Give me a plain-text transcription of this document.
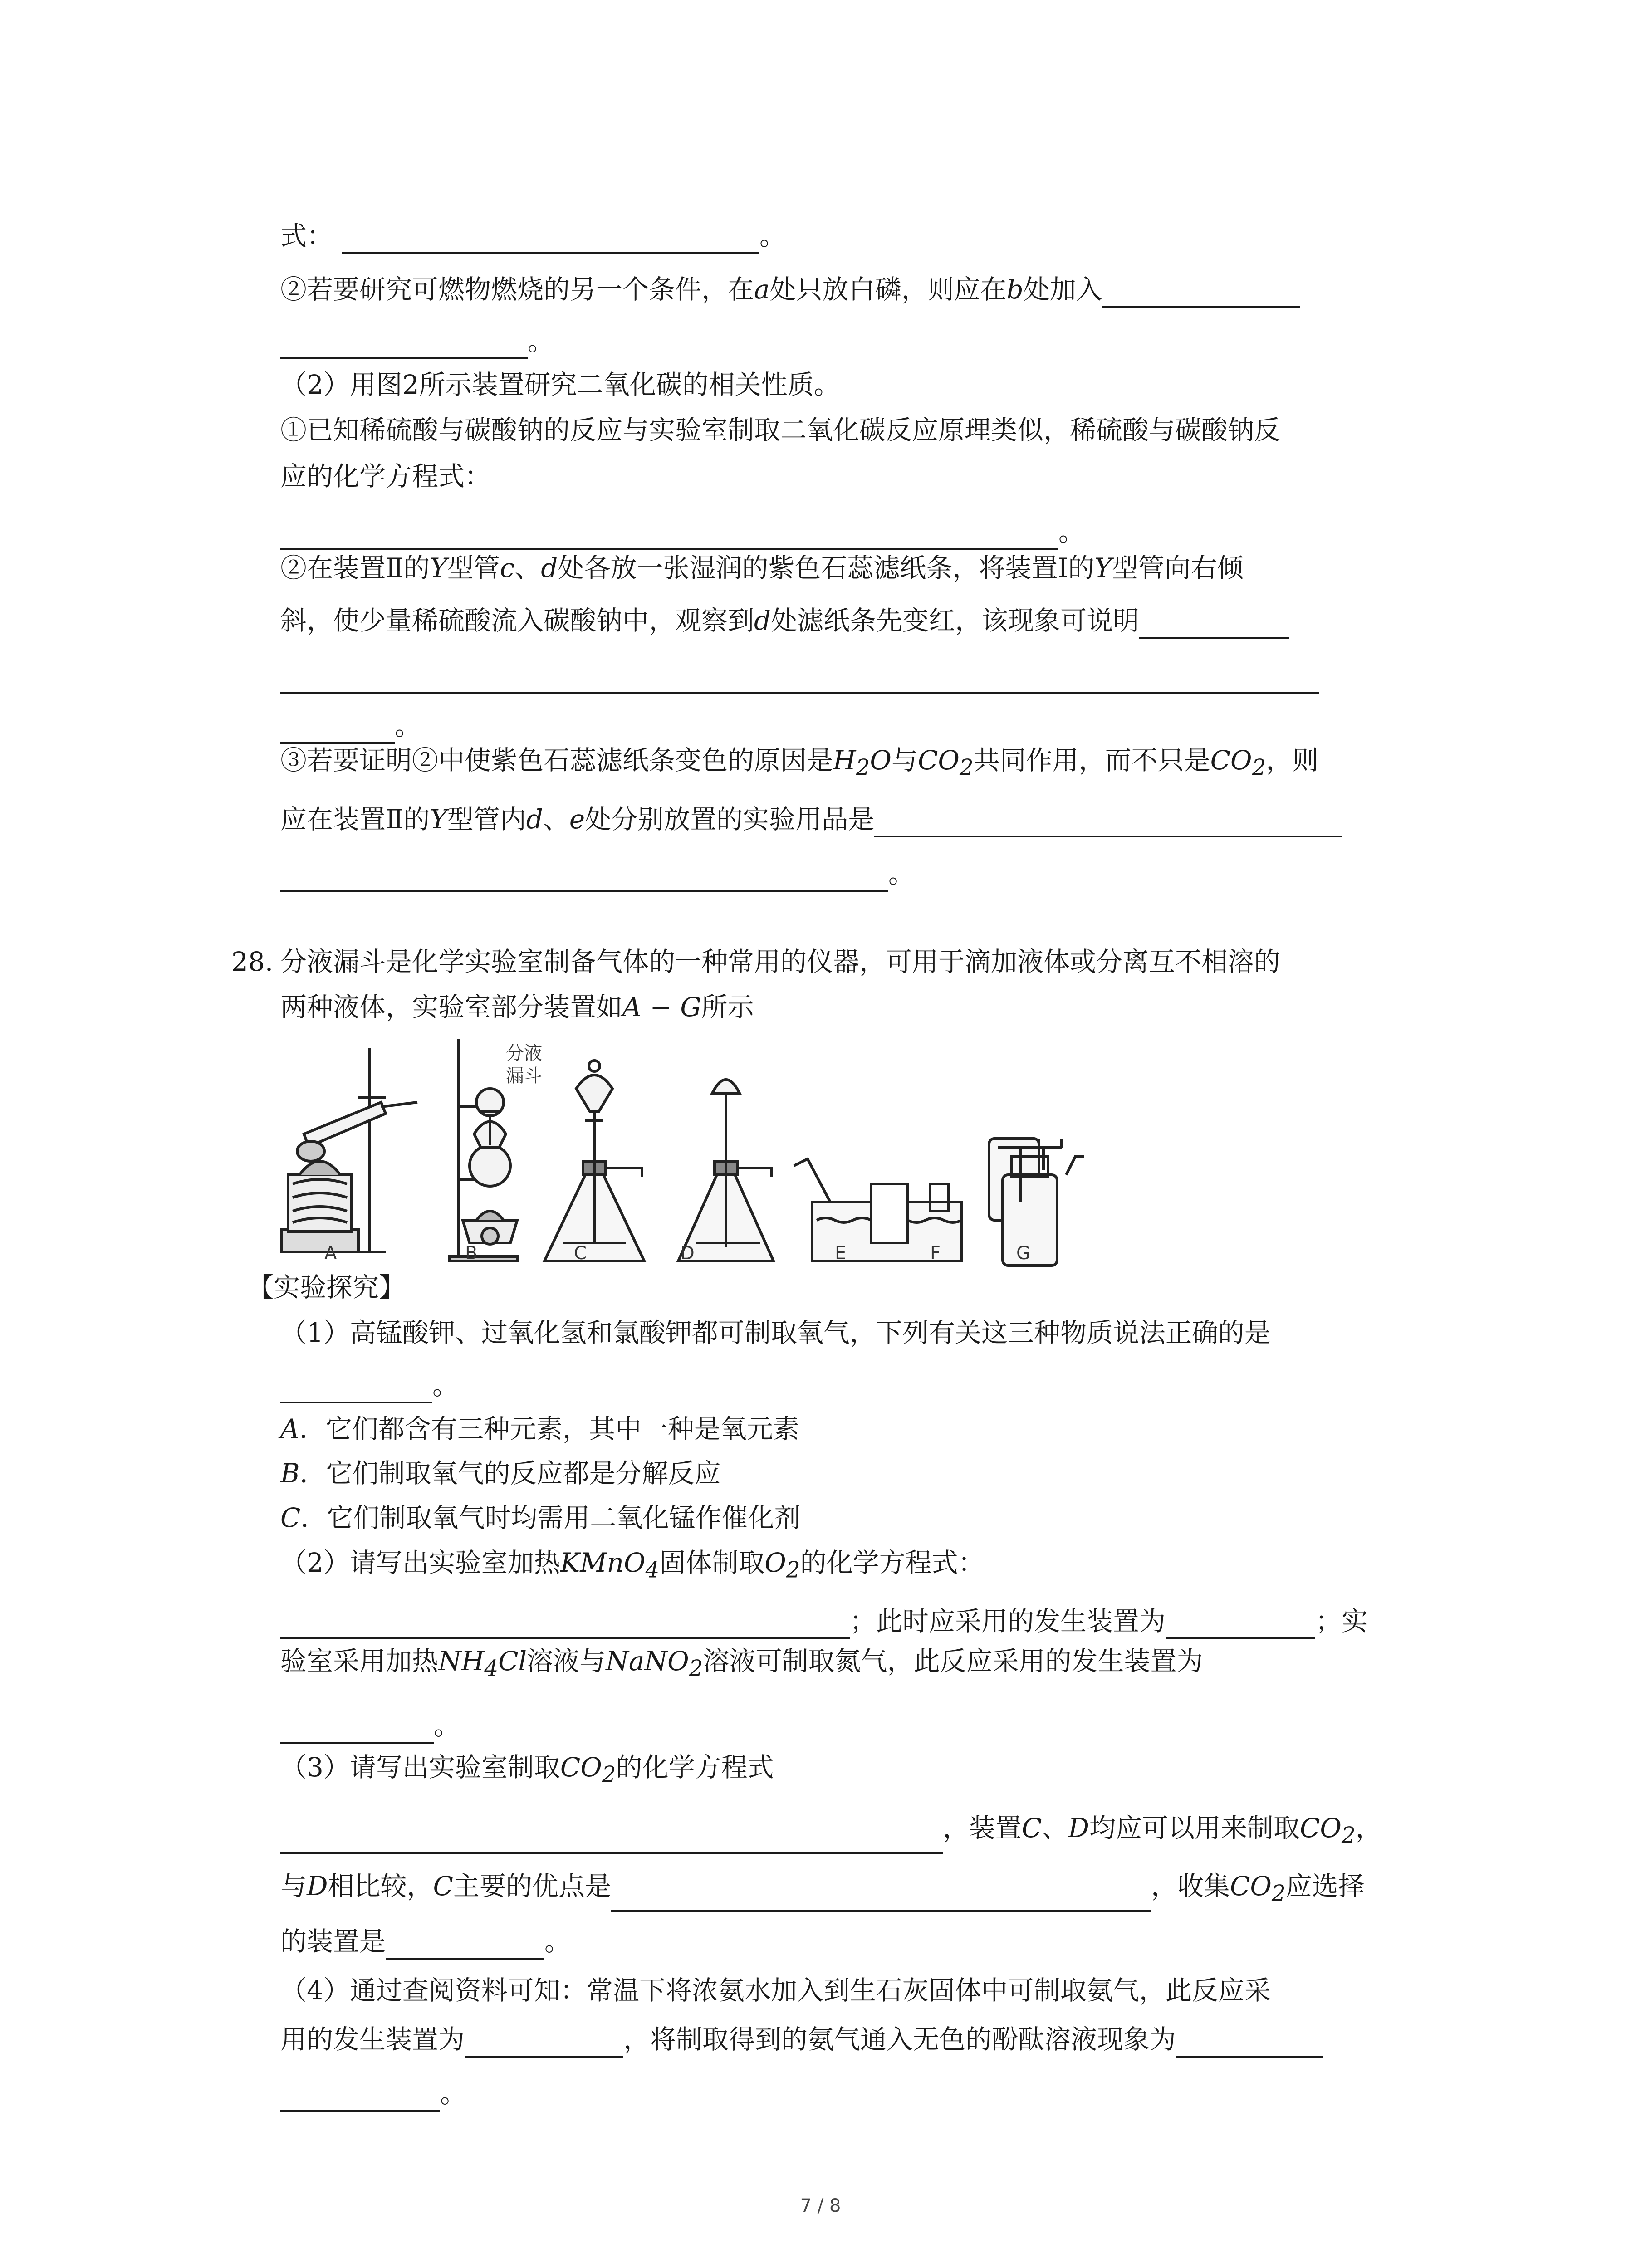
式：	。
②若要研究可燃物燃烧的另一个条件，在a处只放白磷，则应在b处加入
。
（2）用图2所示装置研究二氧化碳的相关性质。
①已知稀硫酸与碳酸钠的反应与实验室制取二氧化碳反应原理类似，稀硫酸与碳酸钠反
应的化学方程式：
。
②在装置Ⅱ的Y型管c、d处各放一张湿润的紫色石蕊滤纸条，将装置Ⅰ的Y型管向右倾
斜，使少量稀硫酸流入碳酸钠中，观察到d处滤纸条先变红，该现象可说明
。
③若要证明②中使紫色石蕊滤纸条变色的原因是$H_2O$与$CO_2$共同作用，而不只是$CO_2$，则
应在装置Ⅱ的Y型管内d、e处分别放置的实验用品是
。
28. 分液漏斗是化学实验室制备气体的一种常用的仪器，可用于滴加液体或分离互不相溶的
两种液体，实验室部分装置如A − G所示
分液
漏斗
A	B	C	D	E	F	G
【实验探究】
（1）高锰酸钾、过氧化氢和氯酸钾都可制取氧气，下列有关这三种物质说法正确的是
。
A．它们都含有三种元素，其中一种是氧元素
B．它们制取氧气的反应都是分解反应
C．它们制取氧气时均需用二氧化锰作催化剂
（2）请写出实验室加热KMnO$_4$固体制取$O_2$的化学方程式：
；此时应采用的发生装置为	；实
验室采用加热$NH_4Cl$溶液与NaNO$_2$溶液可制取氮气，此反应采用的发生装置为
。
（3）请写出实验室制取$CO_2$的化学方程式
，装置C、D均应可以用来制取$CO_2$，
与D相比较，C主要的优点是	，收集$CO_2$应选择
的装置是	。
（4）通过查阅资料可知：常温下将浓氨水加入到生石灰固体中可制取氨气，此反应采
用的发生装置为	，将制取得到的氨气通入无色的酚酞溶液现象为
。
7 / 8
